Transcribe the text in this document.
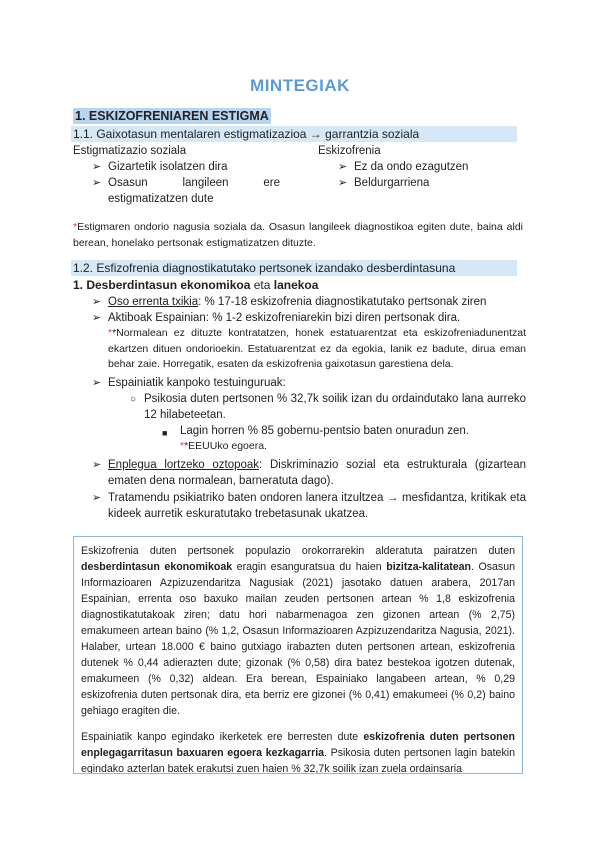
MINTEGIAK
1. ESKIZOFRENIAREN ESTIGMA
1.1. Gaixotasun mentalaren estigmatizazioa → garrantzia soziala
Estigmatizazio soziala	Eskizofrenia
➢ Gizartetik isolatzen dira
➢ Osasun langileen ere estigmatizatzen dute
➢ Ez da ondo ezagutzen
➢ Beldurgarriena
*Estigmaren ondorio nagusia soziala da. Osasun langileek diagnostikoa egiten dute, baina aldi berean, honelako pertsonak estigmatizatzen dituzte.
1.2. Esfizofrenia diagnostikatutako pertsonek izandako desberdintasuna
1. Desberdintasun ekonomikoa eta lanekoa
➢ Oso errenta txikia: % 17-18 eskizofrenia diagnostikatutako pertsonak ziren
➢ Aktiboak Espainian: % 1-2 eskizofreniarekin bizi diren pertsonak dira.
**Normalean ez dituzte kontratatzen, honek estatuarentzat eta eskizofreniadunentzat ekartzen dituen ondorioekin. Estatuarentzat ez da egokia, lanik ez badute, dirua eman behar zaie. Horregatik, esaten da eskizofrenia gaixotasun garestiena dela.
➢ Espainiatik kanpoko testuinguruak:
○ Psikosia duten pertsonen % 32,7k soilik izan du ordaindutako lana aurreko 12 hilabeteetan.
■ Lagin horren % 85 gobernu-pentsio baten onuradun zen.
**EEUUko egoera.
➢ Enplegua lortzeko oztopoak: Diskriminazio sozial eta estrukturala (gizartean ematen dena normalean, barneratuta dago).
➢ Tratamendu psikiatriko baten ondoren lanera itzultzea → mesfidantza, kritikak eta kideek aurretik eskuratutako trebetasunak ukatzea.

Eskizofrenia duten pertsonek populazio orokorrarekin alderatuta pairatzen duten desberdintasun ekonomikoak eragin esanguratsua du haien bizitza-kalitatean. Osasun Informazioaren Azpizuzendaritza Nagusiak (2021) jasotako datuen arabera, 2017an Espainian, errenta oso baxuko mailan zeuden pertsonen artean % 1,8 eskizofrenia diagnostikatutakoak ziren; datu hori nabarmenagoa zen gizonen artean (% 2,75) emakumeen artean baino (% 1,2, Osasun Informazioaren Azpizuzendaritza Nagusia, 2021). Halaber, urtean 18.000 € baino gutxiago irabazten duten pertsonen artean, eskizofrenia dutenek % 0,44 adierazten dute; gizonak (% 0,58) dira batez bestekoa igotzen dutenak, emakumeen (% 0,32) aldean. Era berean, Espainiako langabeen artean, % 0,29 eskizofrenia duten pertsonak dira, eta berriz ere gizonei (% 0,41) emakumeei (% 0,2) baino gehiago eragiten die.

Espainiatik kanpo egindako ikerketek ere berresten dute eskizofrenia duten pertsonen enplegagarritasun baxuaren egoera kezkagarria. Psikosia duten pertsonen lagin batekin egindako azterlan batek erakutsi zuen haien % 32,7k soilik izan zuela ordainsaria
